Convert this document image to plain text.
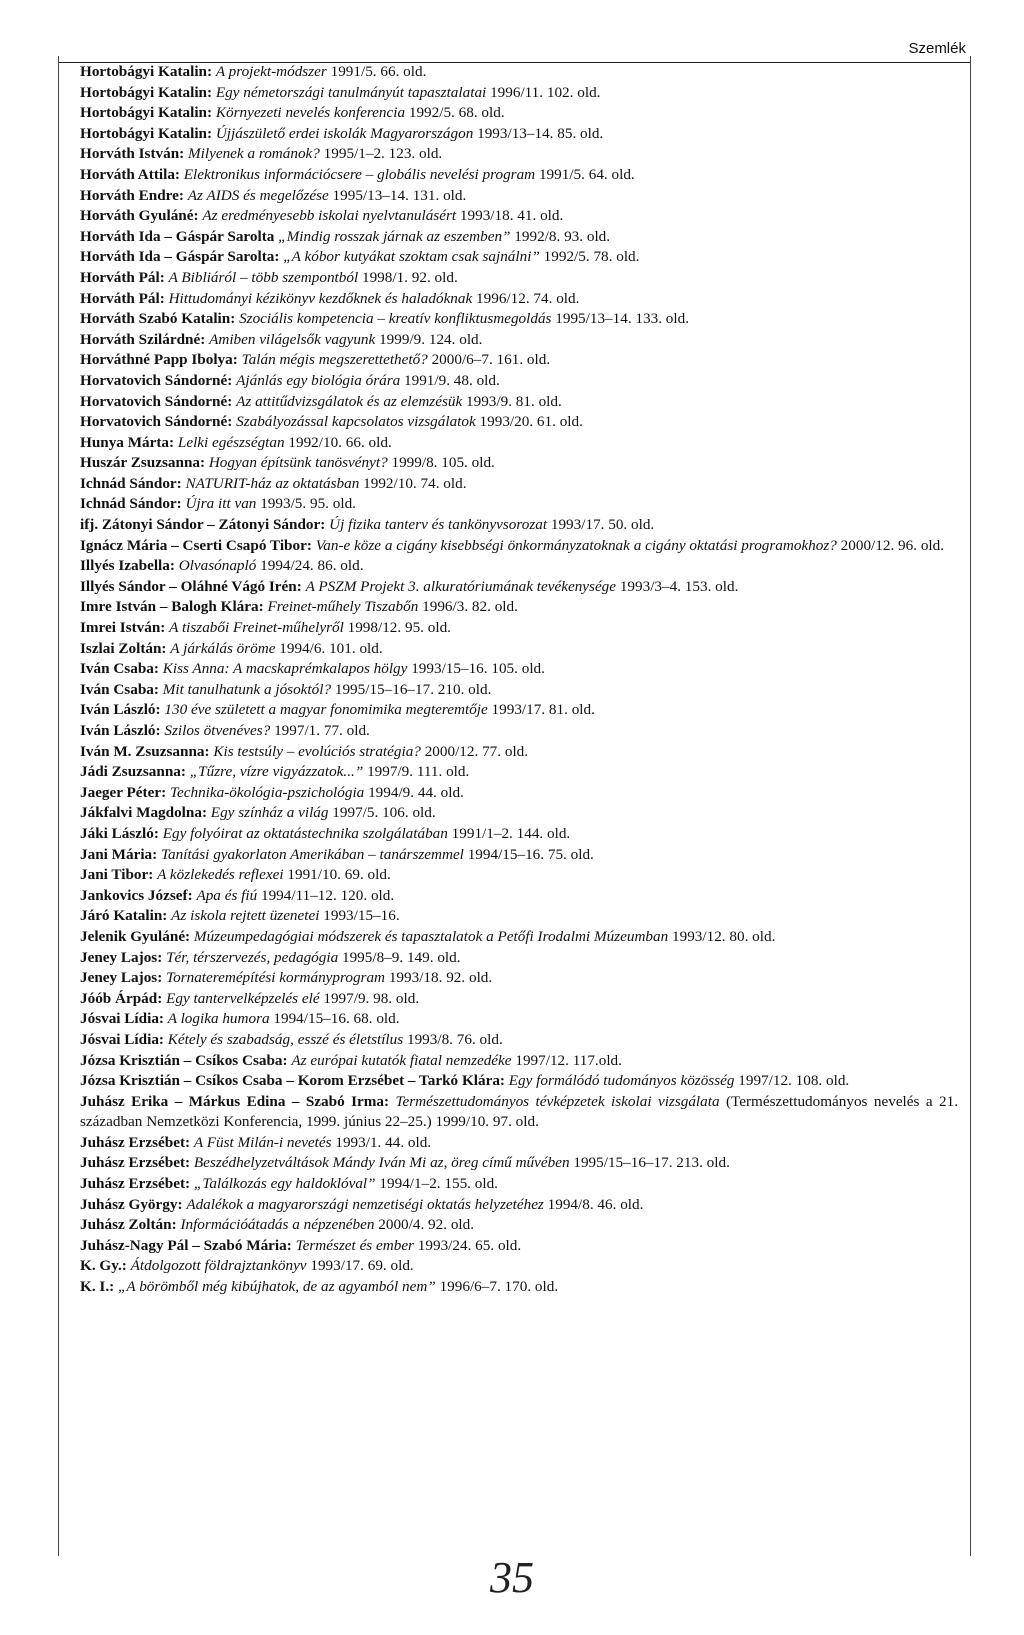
Szemlék
Hortobágyi Katalin: A projekt-módszer 1991/5. 66. old.
Hortobágyi Katalin: Egy németországi tanulmányút tapasztalatai 1996/11. 102. old.
Hortobágyi Katalin: Környezeti nevelés konferencia 1992/5. 68. old.
Hortobágyi Katalin: Újjászülető erdei iskolák Magyarországon 1993/13–14. 85. old.
Horváth István: Milyenek a románok? 1995/1–2. 123. old.
Horváth Attila: Elektronikus információcsere – globális nevelési program 1991/5. 64. old.
Horváth Endre: Az AIDS és megelőzése 1995/13–14. 131. old.
Horváth Gyuláné: Az eredményesebb iskolai nyelvtanulásért 1993/18. 41. old.
Horváth Ida – Gáspár Sarolta „Mindig rosszak járnak az eszemben” 1992/8. 93. old.
Horváth Ida – Gáspár Sarolta: „A kóbor kutyákat szoktam csak sajnálni” 1992/5. 78. old.
Horváth Pál: A Bibliáról – több szempontból 1998/1. 92. old.
Horváth Pál: Hittudományi kézikönyv kezdőknek és haladóknak 1996/12. 74. old.
Horváth Szabó Katalin: Szociális kompetencia – kreatív konfliktusmegoldás 1995/13–14. 133. old.
Horváth Szilárdné: Amiben világelsők vagyunk 1999/9. 124. old.
Horváthné Papp Ibolya: Talán mégis megszerettethető? 2000/6–7. 161. old.
Horvatovich Sándorné: Ajánlás egy biológia órára 1991/9. 48. old.
Horvatovich Sándorné: Az attitűdvizsgálatok és az elemzésük 1993/9. 81. old.
Horvatovich Sándorné: Szabályozással kapcsolatos vizsgálatok 1993/20. 61. old.
Hunya Márta: Lelki egészségtan 1992/10. 66. old.
Huszár Zsuzsanna: Hogyan építsünk tanösvényt? 1999/8. 105. old.
Ichnád Sándor: NATURIT-ház az oktatásban 1992/10. 74. old.
Ichnád Sándor: Újra itt van 1993/5. 95. old.
ifj. Zátonyi Sándor – Zátonyi Sándor: Új fizika tanterv és tankönyvsorozat 1993/17. 50. old.
Ignácz Mária – Cserti Csapó Tibor: Van-e köze a cigány kisebbségi önkormányzatoknak a cigány oktatási programokhoz? 2000/12. 96. old.
Illyés Izabella: Olvasónapló 1994/24. 86. old.
Illyés Sándor – Oláhné Vágó Irén: A PSZM Projekt 3. alkuratóriumának tevékenysége 1993/3–4. 153. old.
Imre István – Balogh Klára: Freinet-műhely Tiszabőn 1996/3. 82. old.
Imrei István: A tiszabői Freinet-műhelyről 1998/12. 95. old.
Iszlai Zoltán: A járkálás öröme 1994/6. 101. old.
Iván Csaba: Kiss Anna: A macskaprémkalapos hölgy 1993/15–16. 105. old.
Iván Csaba: Mit tanulhatunk a jósoktól? 1995/15–16–17. 210. old.
Iván László: 130 éve született a magyar fonomimika megteremtője 1993/17. 81. old.
Iván László: Szilos ötvenéves? 1997/1. 77. old.
Iván M. Zsuzsanna: Kis testsúly – evolúciós stratégia? 2000/12. 77. old.
Jádi Zsuzsanna: „Tűzre, vízre vigyázzatok...” 1997/9. 111. old.
Jaeger Péter: Technika-ökológia-pszichológia 1994/9. 44. old.
Jákfalvi Magdolna: Egy színház a világ 1997/5. 106. old.
Jáki László: Egy folyóirat az oktatástechnika szolgálatában 1991/1–2. 144. old.
Jani Mária: Tanítási gyakorlaton Amerikában – tanárszemmel 1994/15–16. 75. old.
Jani Tibor: A közlekedés reflexei 1991/10. 69. old.
Jankovics József: Apa és fiú 1994/11–12. 120. old.
Járó Katalin: Az iskola rejtett üzenetei 1993/15–16.
Jelenik Gyuláné: Múzeumpedagógiai módszerek és tapasztalatok a Petőfi Irodalmi Múzeumban 1993/12. 80. old.
Jeney Lajos: Tér, térszervezés, pedagógia 1995/8–9. 149. old.
Jeney Lajos: Tornateremépítési kormányprogram 1993/18. 92. old.
Jóób Árpád: Egy tantervelképzelés elé 1997/9. 98. old.
Jósvai Lídia: A logika humora 1994/15–16. 68. old.
Jósvai Lídia: Kétely és szabadság, esszé és életstílus 1993/8. 76. old.
Józsa Krisztián – Csíkos Csaba: Az európai kutatók fiatal nemzedéke 1997/12. 117.old.
Józsa Krisztián – Csíkos Csaba – Korom Erzsébet – Tarkó Klára: Egy formálódó tudományos közösség 1997/12. 108. old.
Juhász Erika – Márkus Edina – Szabó Irma: Természettudományos tévképzetek iskolai vizsgálata (Természettudományos nevelés a 21. században Nemzetközi Konferencia, 1999. június 22–25.) 1999/10. 97. old.
Juhász Erzsébet: A Füst Milán-i nevetés 1993/1. 44. old.
Juhász Erzsébet: Beszédhelyzetváltások Mándy Iván Mi az, öreg című művében 1995/15–16–17. 213. old.
Juhász Erzsébet: „Találkozás egy haldoklóval” 1994/1–2. 155. old.
Juhász György: Adalékok a magyarországi nemzetiségi oktatás helyzetéhez 1994/8. 46. old.
Juhász Zoltán: Információátadás a népzenében 2000/4. 92. old.
Juhász-Nagy Pál – Szabó Mária: Természet és ember 1993/24. 65. old.
K. Gy.: Átdolgozott földrajztankönyv 1993/17. 69. old.
K. I.: „A börömből még kibújhatok, de az agyamból nem” 1996/6–7. 170. old.
35
